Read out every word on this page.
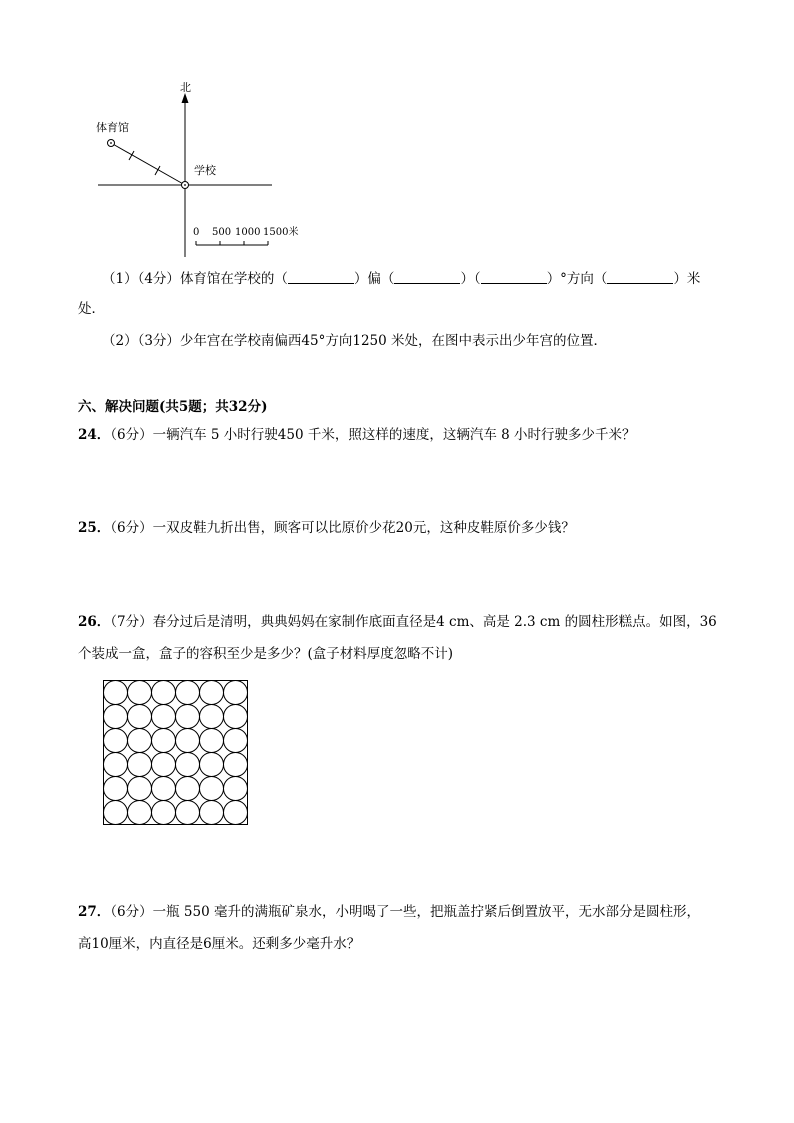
北
体育馆
学校
0 500 1000 1500米
（1）（4分）体育馆在学校的（	）偏（	）（	）°方向（	）米
处．
（2）（3分）少年宫在学校南偏西45°方向1250 米处，在图中表示出少年宫的位置．
六、解决问题(共5题；共32分)
24．（6分）一辆汽车 5 小时行驶450 千米，照这样的速度，这辆汽车 8 小时行驶多少千米？
25．（6分）一双皮鞋九折出售，顾客可以比原价少花20元，这种皮鞋原价多少钱？
26．（7分）春分过后是清明，典典妈妈在家制作底面直径是4 cm、高是 2.3 cm 的圆柱形糕点。如图，36
个装成一盒，盒子的容积至少是多少？(盒子材料厚度忽略不计)
27．（6分）一瓶 550 毫升的满瓶矿泉水，小明喝了一些，把瓶盖拧紧后倒置放平，无水部分是圆柱形，
高10厘米，内直径是6厘米。还剩多少毫升水？
